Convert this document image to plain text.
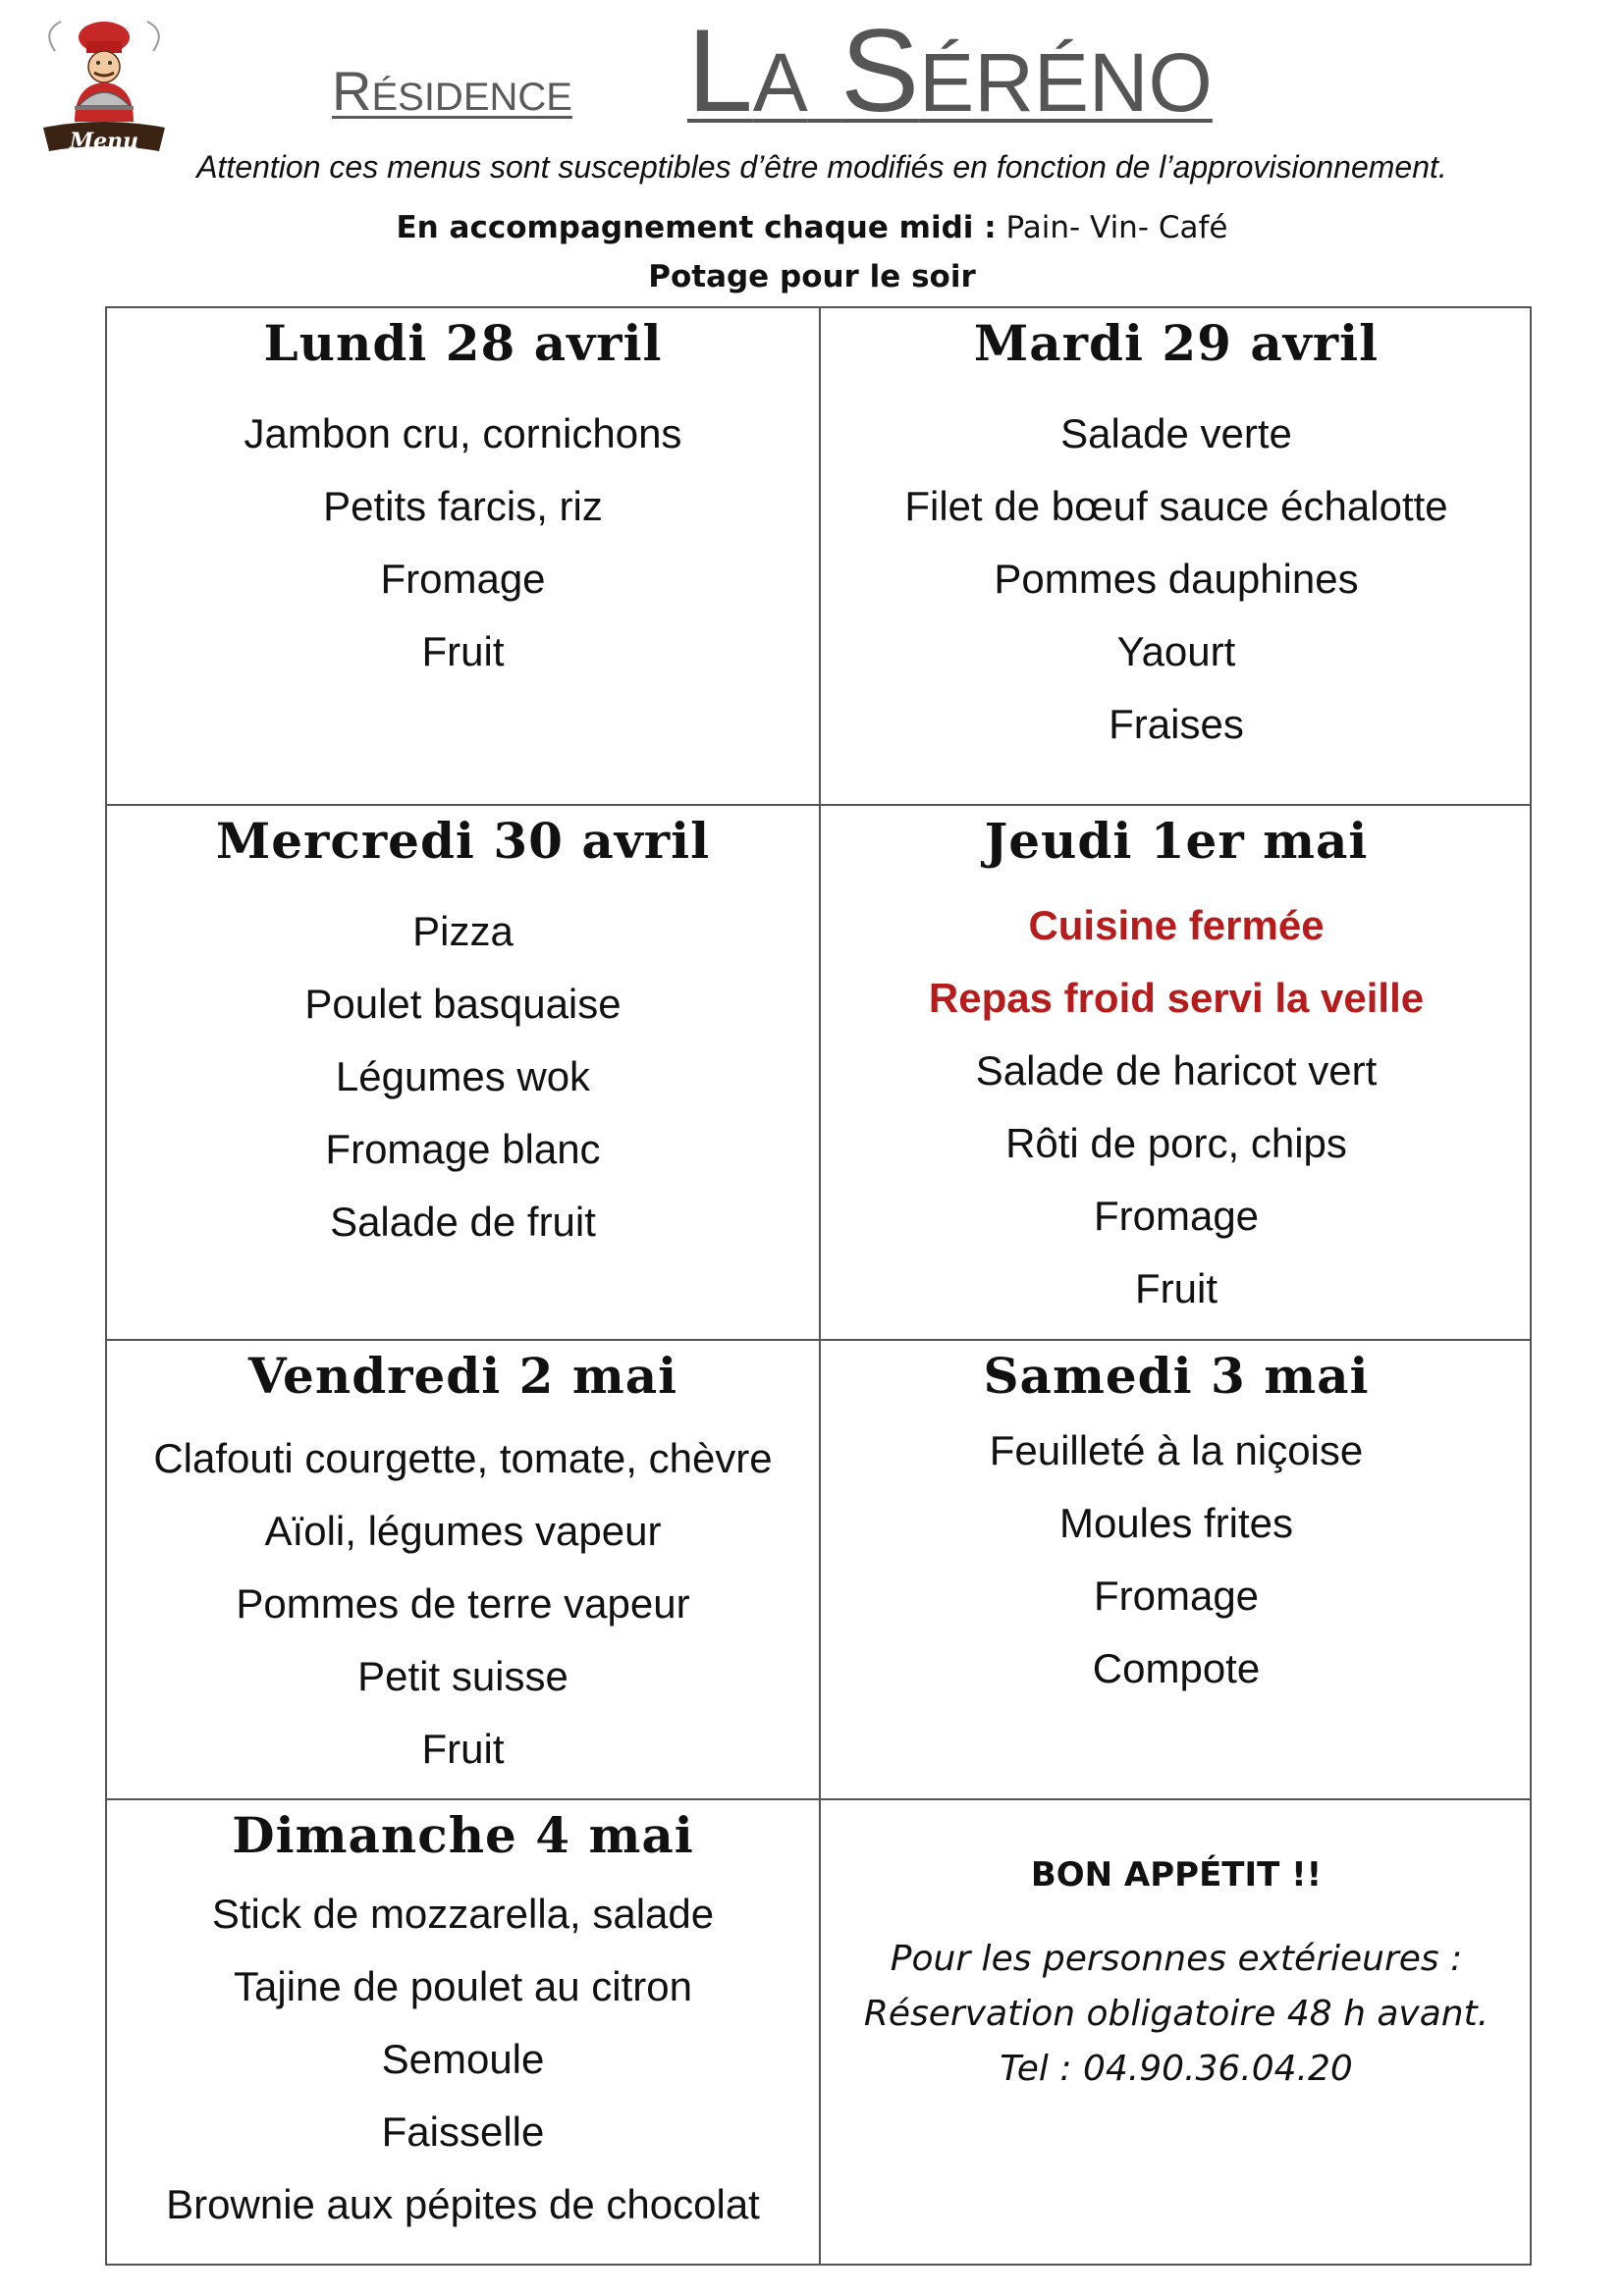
Menu
RÉSIDENCE LA SÉRÉNO
Attention ces menus sont susceptibles d’être modifiés en fonction de l’approvisionnement.
En accompagnement chaque midi : Pain- Vin- Café
Potage pour le soir
Lundi 28 avril
Jambon cru, cornichons
Petits farcis, riz
Fromage
Fruit
Mardi 29 avril
Salade verte
Filet de bœuf sauce échalotte
Pommes dauphines
Yaourt
Fraises
Mercredi 30 avril
Pizza
Poulet basquaise
Légumes wok
Fromage blanc
Salade de fruit
Jeudi 1er mai
Cuisine fermée
Repas froid servi la veille
Salade de haricot vert
Rôti de porc, chips
Fromage
Fruit
Vendredi 2 mai
Clafouti courgette, tomate, chèvre
Aïoli, légumes vapeur
Pommes de terre vapeur
Petit suisse
Fruit
Samedi 3 mai
Feuilleté à la niçoise
Moules frites
Fromage
Compote
Dimanche 4 mai
Stick de mozzarella, salade
Tajine de poulet au citron
Semoule
Faisselle
Brownie aux pépites de chocolat
BON APPÉTIT !!
Pour les personnes extérieures :
Réservation obligatoire 48 h avant.
Tel : 04.90.36.04.20
